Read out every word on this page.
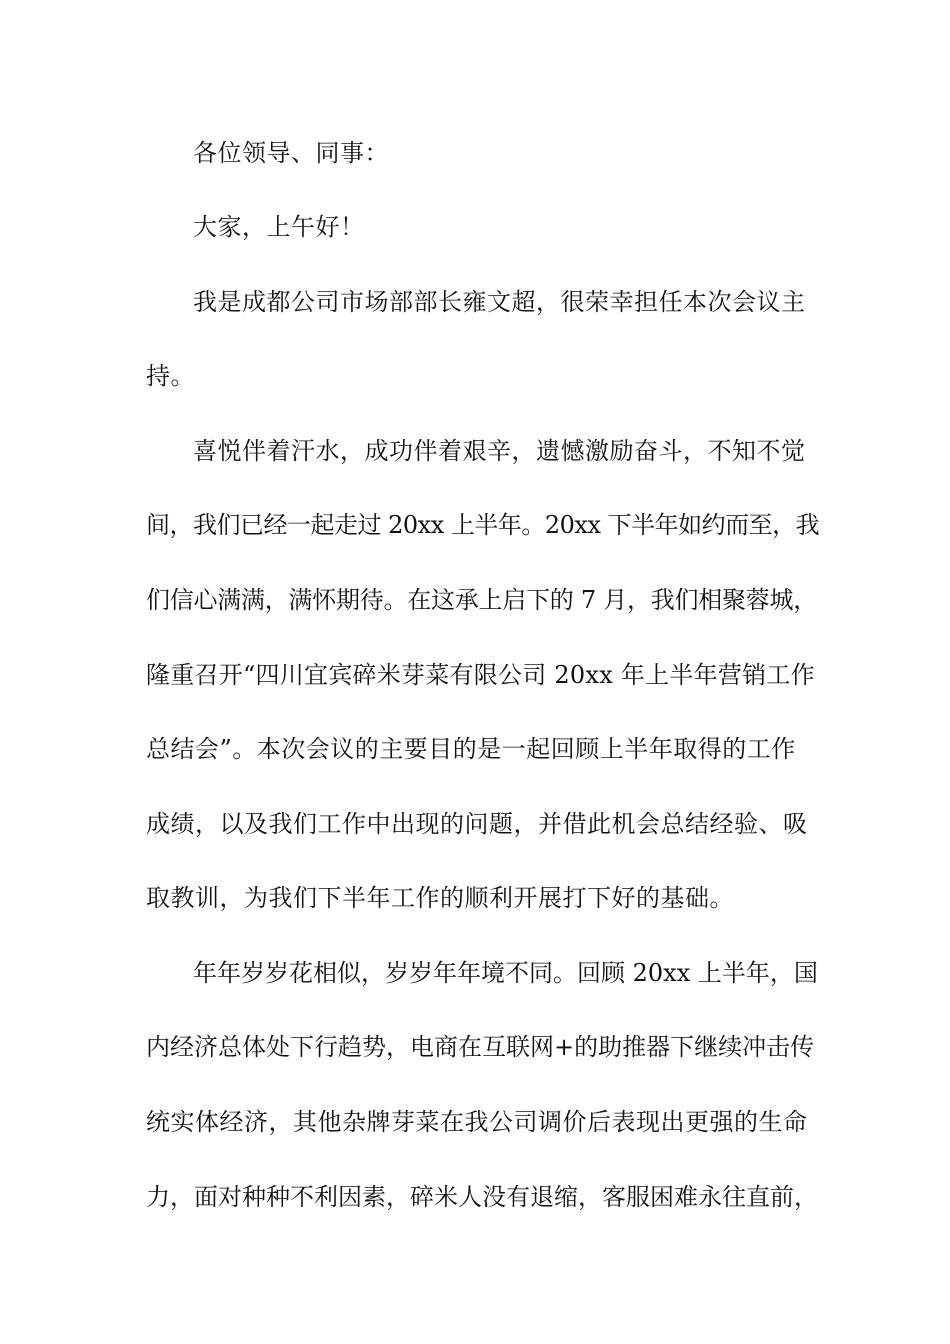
各位领导、同事：
大家，上午好！
我是成都公司市场部部长雍文超，很荣幸担任本次会议主
持。
喜悦伴着汗水，成功伴着艰辛，遗憾激励奋斗，不知不觉
间，我们已经一起走过 20xx 上半年。20xx 下半年如约而至，我
们信心满满，满怀期待。在这承上启下的 7 月，我们相聚蓉城，
隆重召开“四川宜宾碎米芽菜有限公司 20xx 年上半年营销工作
总结会”。本次会议的主要目的是一起回顾上半年取得的工作
成绩，以及我们工作中出现的问题，并借此机会总结经验、吸
取教训，为我们下半年工作的顺利开展打下好的基础。
年年岁岁花相似，岁岁年年境不同。回顾 20xx 上半年，国
内经济总体处下行趋势，电商在互联网+的助推器下继续冲击传
统实体经济，其他杂牌芽菜在我公司调价后表现出更强的生命
力，面对种种不利因素，碎米人没有退缩，客服困难永往直前，
